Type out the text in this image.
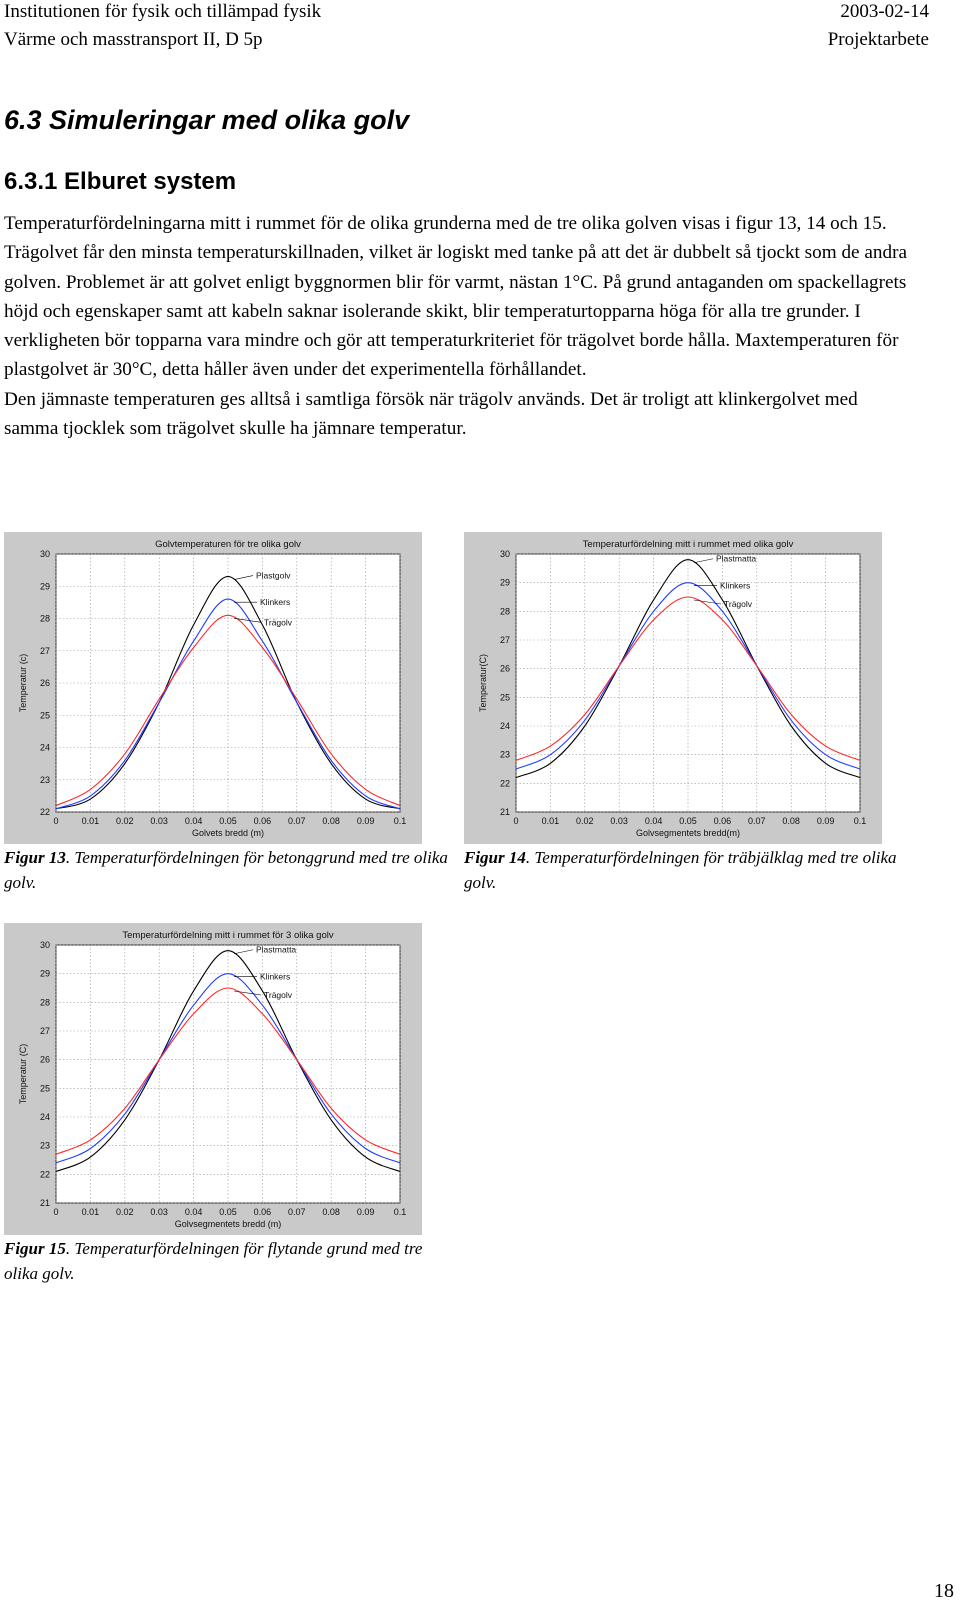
Institutionen för fysik och tillämpad fysik
Värme och masstransport II, D 5p
2003-02-14
Projektarbete
6.3 Simuleringar med olika golv
6.3.1 Elburet system

Temperaturfördelningarna mitt i rummet för de olika grunderna med de tre olika golven visas i figur 13, 14 och 15. Trägolvet får den minsta temperaturskillnaden, vilket är logiskt med tanke på att det är dubbelt så tjockt som de andra golven. Problemet är att golvet enligt byggnormen blir för varmt, nästan 1°C. På grund antaganden om spackellagrets höjd och egenskaper samt att kabeln saknar isolerande skikt, blir temperaturtopparna höga för alla tre grunder. I verkligheten bör topparna vara mindre och gör att temperaturkriteriet för trägolvet borde hålla. Maxtemperaturen för plastgolvet är 30°C, detta håller även under det experimentella förhållandet.

Den jämnaste temperaturen ges alltså i samtliga försök när trägolv används. Det är troligt att klinkergolvet med samma tjocklek som trägolvet skulle ha jämnare temperatur.

0	0.01 0.02 0.03 0.04 0.05 0.06 0.07 0.08 0.09 0.1
22
23
24
25
26
27
28
29
30
Golvtemperaturen för tre olika golv
Golvets bredd (m)
Temperatur (c)
Plastgolv
Klinkers
Trägolv
Figur 13. Temperaturfördelningen för betonggrund med tre olika golv.
0	0.01 0.02 0.03 0.04 0.05 0.06 0.07 0.08 0.09 0.1
21
22
23
24
25
26
27
28
29
30
Temperaturfördelning mitt i rummet med olika golv
Golvsegmentets bredd(m)
Temperatur(C)
Plastmatta
Klinkers
Trägolv
Figur 14. Temperaturfördelningen för träbjälklag med tre olika golv.
0	0.01 0.02 0.03 0.04 0.05 0.06 0.07 0.08 0.09 0.1
21
22
23
24
25
26
27
28
29
30
Temperaturfördelning mitt i rummet för 3 olika golv
Golvsegmentets bredd (m)
Temperatur (C)
Plastmatta
Klinkers
Trägolv
Figur 15. Temperaturfördelningen för flytande grund med tre olika golv.
18
